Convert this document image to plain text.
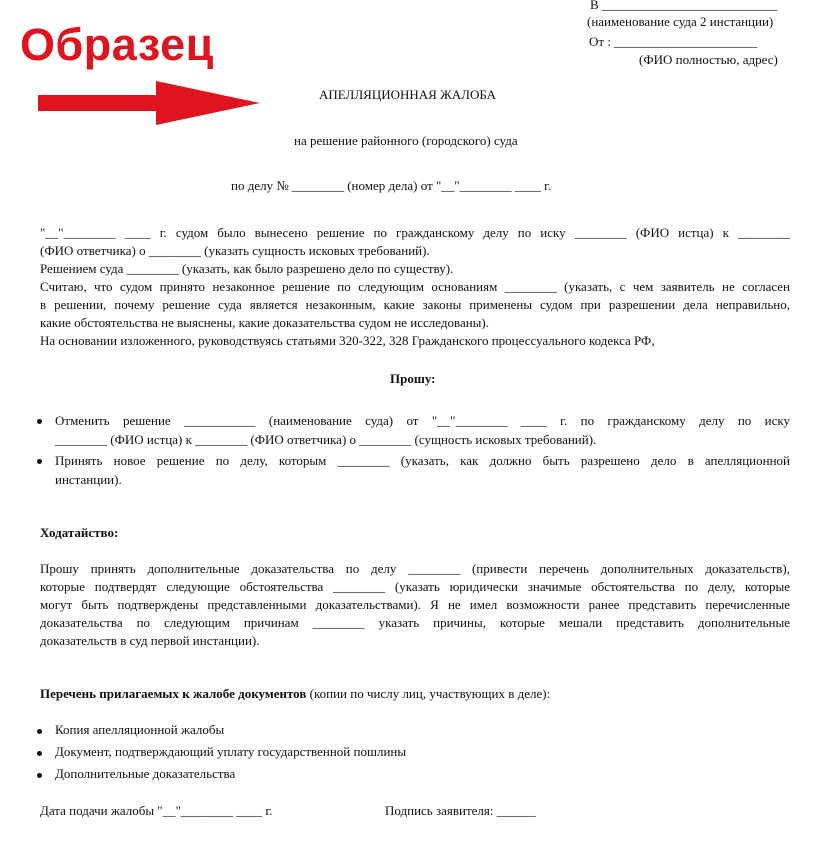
Образец
В ___________________________
(наименование суда 2 инстанции)
От : ______________________
(ФИО полностью, адрес)
АПЕЛЛЯЦИОННАЯ ЖАЛОБА
на решение районного (городского) суда
по делу № ________ (номер дела) от "__"________ ____ г.
"__"________ ____ г. судом было вынесено решение по гражданскому делу по иску ________ (ФИО истца) к ________
(ФИО ответчика) о ________ (указать сущность исковых требований).
Решением суда ________ (указать, как было разрешено дело по существу).
Считаю, что судом принято незаконное решение по следующим основаниям ________ (указать, с чем заявитель не согласен
в решении, почему решение суда является незаконным, какие законы применены судом при разрешении дела неправильно,
какие обстоятельства не выяснены, какие доказательства судом не исследованы).
На основании изложенного, руководствуясь статьями 320-322, 328 Гражданского процессуального кодекса РФ,
Прошу:
Отменить решение ___________ (наименование суда) от "__"________ ____ г. по гражданскому делу по иску
________ (ФИО истца) к ________ (ФИО ответчика) о ________ (сущность исковых требований).
Принять новое решение по делу, которым ________ (указать, как должно быть разрешено дело в апелляционной
инстанции).
Ходатайство:
Прошу принять дополнительные доказательства по делу ________ (привести перечень дополнительных доказательств),
которые подтвердят следующие обстоятельства ________ (указать юридически значимые обстоятельства по делу, которые
могут быть подтверждены представленными доказательствами). Я не имел возможности ранее представить перечисленные
доказательства по следующим причинам ________ указать причины, которые мешали представить дополнительные
доказательств в суд первой инстанции).
Перечень прилагаемых к жалобе документов (копии по числу лиц, участвующих в деле):
Копия апелляционной жалобы
Документ, подтверждающий уплату государственной пошлины
Дополнительные доказательства
Дата подачи жалобы "__"________ ____ г.	Подпись заявителя: ______
